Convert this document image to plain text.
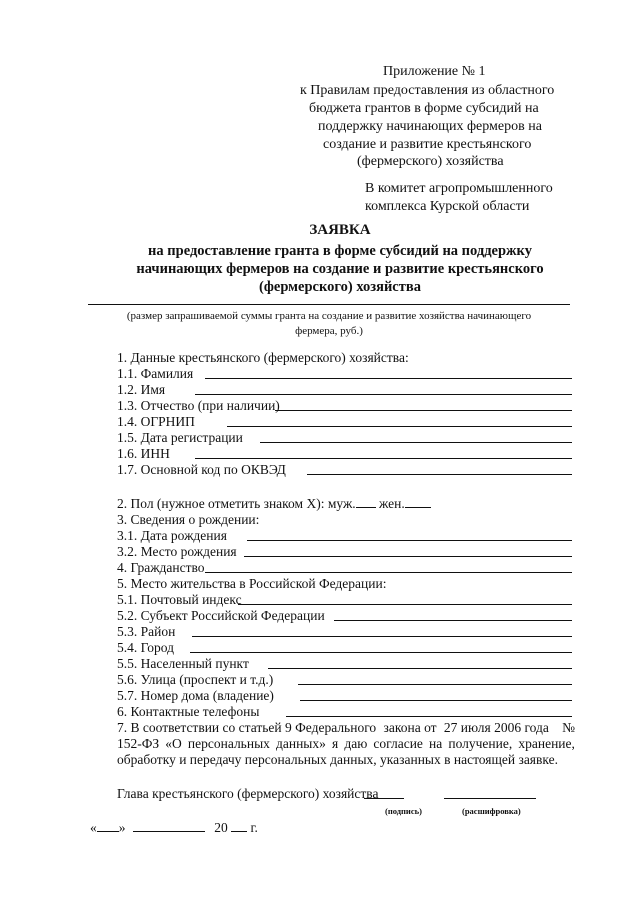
Приложение № 1
к Правилам предоставления из областного
бюджета грантов в форме субсидий на
поддержку начинающих фермеров на
создание и развитие крестьянского
(фермерского) хозяйства
В комитет агропромышленного
комплекса Курской области
ЗАЯВКА
на предоставление гранта в форме субсидий на поддержку
начинающих фермеров на создание и развитие крестьянского
(фермерского) хозяйства
(размер запрашиваемой суммы гранта на создание и развитие хозяйства начинающего
фермера, руб.)
1. Данные крестьянского (фермерского) хозяйства:
1.1. Фамилия
1.2. Имя
1.3. Отчество (при наличии)
1.4. ОГРНИП
1.5. Дата регистрации
1.6. ИНН
1.7. Основной код по ОКВЭД
2. Пол (нужное отметить знаком Х): муж. жен.
3. Сведения о рождении:
3.1. Дата рождения
3.2. Место рождения
4. Гражданство
5. Место жительства в Российской Федерации:
5.1. Почтовый индекс
5.2. Субъект Российской Федерации
5.3. Район
5.4. Город
5.5. Населенный пункт
5.6. Улица (проспект и т.д.)
5.7. Номер дома (владение)
6. Контактные телефоны
7. В соответствии со статьей 9 Федерального закона от 27 июля 2006 года №
152-ФЗ «О персональных данных» я даю согласие на получение, хранение,
обработку и передачу персональных данных, указанных в настоящей заявке.
Глава крестьянского (фермерского) хозяйства
(подпись)	(расшифровка)
« »	20 г.
